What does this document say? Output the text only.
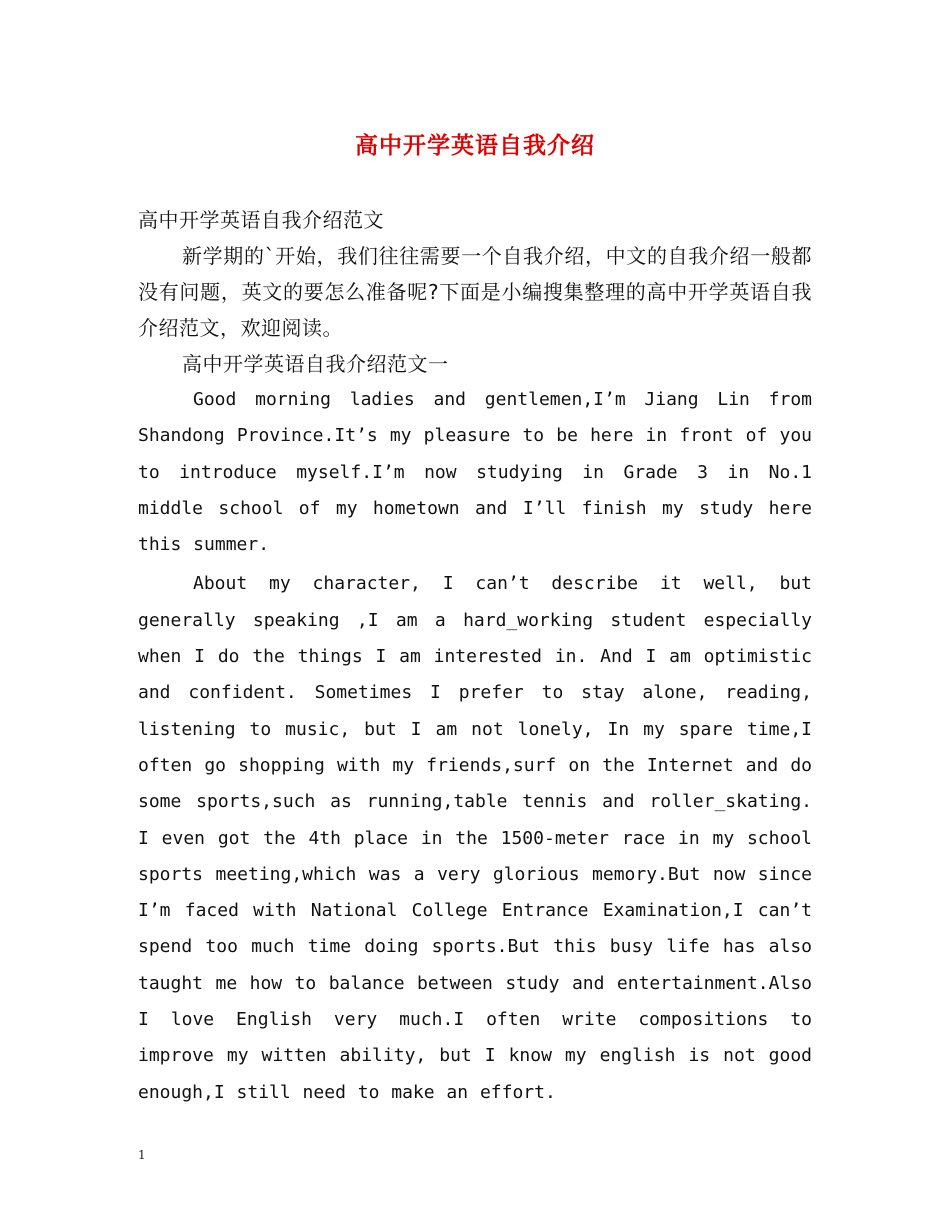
高中开学英语自我介绍

高中开学英语自我介绍范文

新学期的`开始，我们往往需要一个自我介绍，中文的自我介绍一般都没有问题，英文的要怎么准备呢?下面是小编搜集整理的高中开学英语自我介绍范文，欢迎阅读。

高中开学英语自我介绍范文一

Good morning ladies and gentlemen,I’m Jiang Lin from Shandong Province.It’s my pleasure to be here in front of you to introduce myself.I’m now studying in Grade 3 in No.1 middle school of my hometown and I’ll finish my study here this summer.

About my character, I can’t describe it well, but generally speaking ,I am a hard_working student especially when I do the things I am interested in. And I am optimistic and confident. Sometimes I prefer to stay alone, reading, listening to music, but I am not lonely, In my spare time,I often go shopping with my friends,surf on the Internet and do some sports,such as running,table tennis and roller_skating. I even got the 4th place in the 1500-meter race in my school sports meeting,which was a very glorious memory.But now since I’m faced with National College Entrance Examination,I can’t spend too much time doing sports.But this busy life has also taught me how to balance between study and entertainment.Also I love English very much.I often write compositions to improve my witten ability, but I know my english is not good enough,I still need to make an effort.

1
